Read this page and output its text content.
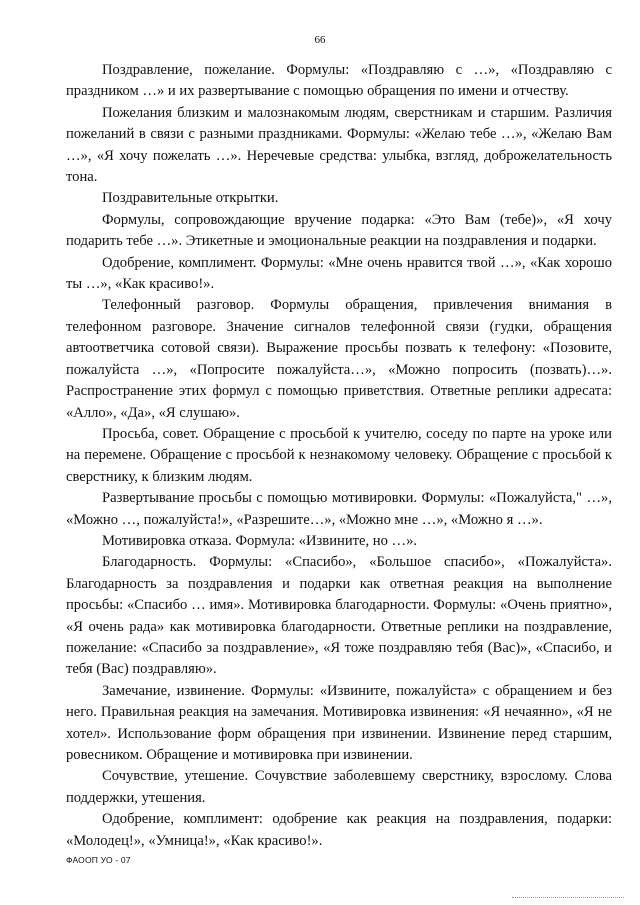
66

Поздравление, пожелание. Формулы: «Поздравляю с …», «Поздравляю с праздником …» и их развертывание с помощью обращения по имени и отчеству.

Пожелания близким и малознакомым людям, сверстникам и старшим. Различия пожеланий в связи с разными праздниками. Формулы: «Желаю тебе …», «Желаю Вам …», «Я хочу пожелать …». Неречевые средства: улыбка, взгляд, доброжелательность тона.

Поздравительные открытки.

Формулы, сопровождающие вручение подарка: «Это Вам (тебе)», «Я хочу подарить тебе …». Этикетные и эмоциональные реакции на поздравления и подарки.

Одобрение, комплимент. Формулы: «Мне очень нравится твой …», «Как хорошо ты …», «Как красиво!».

Телефонный разговор. Формулы обращения, привлечения внимания в телефонном разговоре. Значение сигналов телефонной связи (гудки, обращения автоответчика сотовой связи). Выражение просьбы позвать к телефону: «Позовите, пожалуйста …», «Попросите пожалуйста…», «Можно попросить (позвать)…». Распространение этих формул с помощью приветствия. Ответные реплики адресата: «Алло», «Да», «Я слушаю».

Просьба, совет. Обращение с просьбой к учителю, соседу по парте на уроке или на перемене. Обращение с просьбой к незнакомому человеку. Обращение с просьбой к сверстнику, к близким людям.

Развертывание просьбы с помощью мотивировки. Формулы: «Пожалуйста," …», «Можно …, пожалуйста!», «Разрешите…», «Можно мне …», «Можно я …».

Мотивировка отказа. Формула: «Извините, но …».

Благодарность. Формулы: «Спасибо», «Большое спасибо», «Пожалуйста». Благодарность за поздравления и подарки как ответная реакция на выполнение просьбы: «Спасибо … имя». Мотивировка благодарности. Формулы: «Очень приятно», «Я очень рада» как мотивировка благодарности. Ответные реплики на поздравление, пожелание: «Спасибо за поздравление», «Я тоже поздравляю тебя (Вас)», «Спасибо, и тебя (Вас) поздравляю».

Замечание, извинение. Формулы: «Извините, пожалуйста» с обращением и без него. Правильная реакция на замечания. Мотивировка извинения: «Я нечаянно», «Я не хотел». Использование форм обращения при извинении. Извинение перед старшим, ровесником. Обращение и мотивировка при извинении.

Сочувствие, утешение. Сочувствие заболевшему сверстнику, взрослому. Слова поддержки, утешения.

Одобрение, комплимент: одобрение как реакция на поздравления, подарки: «Молодец!», «Умница!», «Как красиво!».

ФАООП УО - 07
